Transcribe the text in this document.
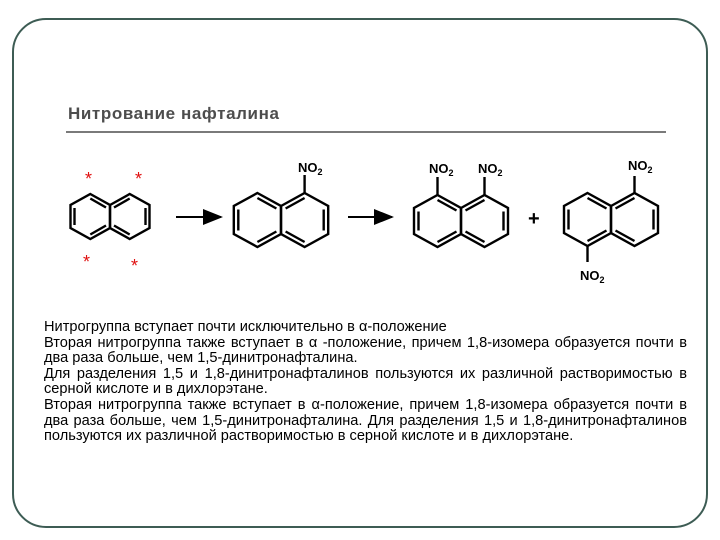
Нитрование нафталина
* *
* *
$NO_2$	$NO_2$ $NO_2$
+
$NO_2$
$NO_2$

Нитрогруппа вступает почти исключительно в α-положение

Вторая нитрогруппа также вступает в α -положение, причем 1,8-изомера образуется почти в два раза больше, чем 1,5-динитронафталина.

Для разделения 1,5 и 1,8-динитронафталинов пользуются их различной растворимостью в серной кислоте и в дихлорэтане.

Вторая нитрогруппа также вступает в α-положение, причем 1,8-изомера образуется почти в два раза больше, чем 1,5-динитронафталина. Для разделения 1,5 и 1,8-динитронафталинов пользуются их различной растворимостью в серной кислоте и в дихлорэтане.
